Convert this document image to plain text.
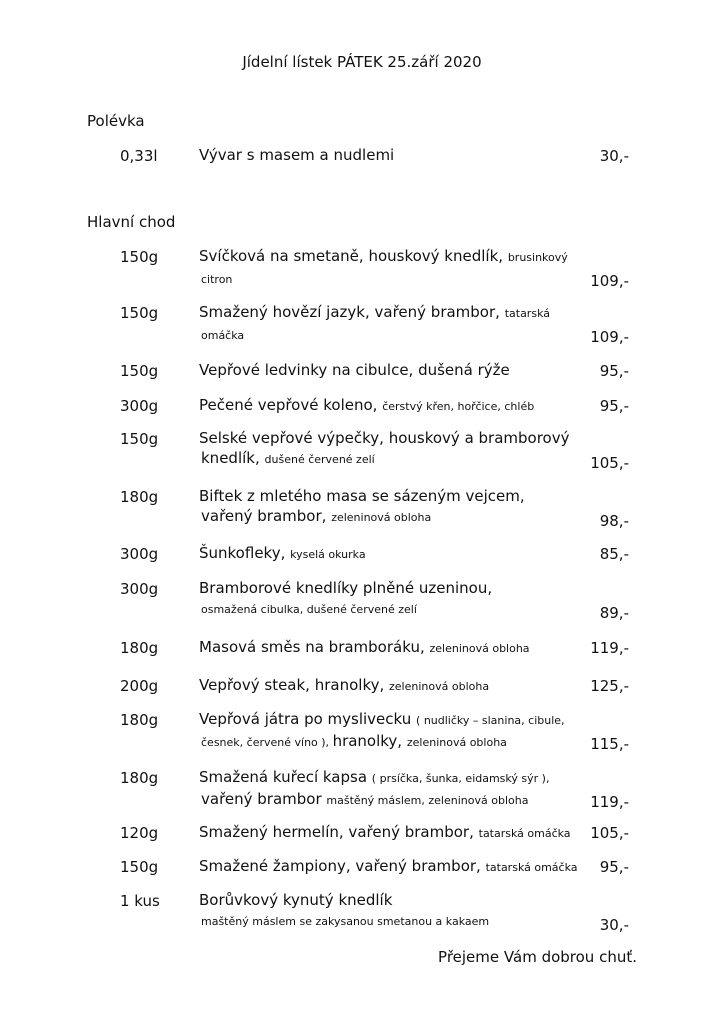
Jídelní lístek PÁTEK 25.září 2020
Polévka
0,33l	Vývar s masem a nudlemi	30,-
Hlavní chod
150g	Svíčková na smetaně, houskový knedlík, brusinkový
citron	109,-
150g	Smažený hovězí jazyk, vařený brambor, tatarská
omáčka	109,-
150g	Vepřové ledvinky na cibulce, dušená rýže	95,-
300g	Pečené vepřové koleno, čerstvý křen, hořčice, chléb	95,-
150g	Selské vepřové výpečky, houskový a bramborový
knedlík, dušené červené zelí	105,-
180g	Biftek z mletého masa se sázeným vejcem,
vařený brambor, zeleninová obloha	98,-
300g	Šunkofleky, kyselá okurka	85,-
300g	Bramborové knedlíky plněné uzeninou,
osmažená cibulka, dušené červené zelí	89,-
180g	Masová směs na bramboráku, zeleninová obloha	119,-
200g	Vepřový steak, hranolky, zeleninová obloha	125,-
180g	Vepřová játra po myslivecku ( nudličky – slanina, cibule,
česnek, červené víno ), hranolky, zeleninová obloha	115,-
180g	Smažená kuřecí kapsa ( prsíčka, šunka, eidamský sýr ),
vařený brambor maštěný máslem, zeleninová obloha	119,-
120g	Smažený hermelín, vařený brambor, tatarská omáčka	105,-
150g	Smažené žampiony, vařený brambor, tatarská omáčka	95,-
1 kus	Borůvkový kynutý knedlík
maštěný máslem se zakysanou smetanou a kakaem	30,-
Přejeme Vám dobrou chuť.
